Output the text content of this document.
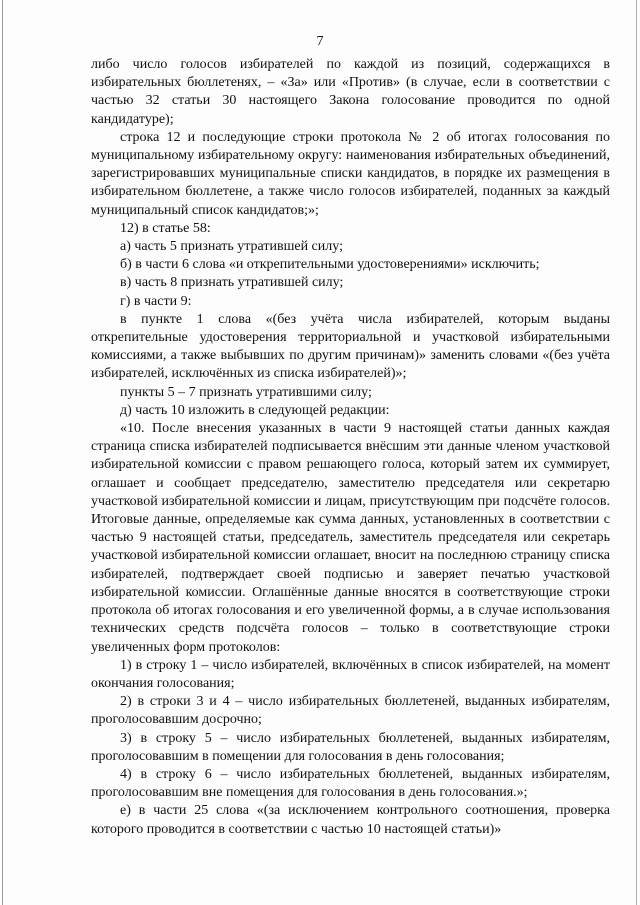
7

либо число голосов избирателей по каждой из позиций, содержащихся в избирательных бюллетенях, – «За» или «Против» (в случае, если в соответствии с частью 32 статьи 30 настоящего Закона голосование проводится по одной кандидатуре);

строка 12 и последующие строки протокола № 2 об итогах голосования по муниципальному избирательному округу: наименования избирательных объединений, зарегистрировавших муниципальные списки кандидатов, в порядке их размещения в избирательном бюллетене, а также число голосов избирателей, поданных за каждый муниципальный список кандидатов;»;

12) в статье 58:

а) часть 5 признать утратившей силу;

б) в части 6 слова «и открепительными удостоверениями» исключить;

в) часть 8 признать утратившей силу;

г) в части 9:

в пункте 1 слова «(без учёта числа избирателей, которым выданы открепительные удостоверения территориальной и участковой избирательными комиссиями, а также выбывших по другим причинам)» заменить словами «(без учёта избирателей, исключённых из списка избирателей)»;

пункты 5 – 7 признать утратившими силу;

д) часть 10 изложить в следующей редакции:

«10. После внесения указанных в части 9 настоящей статьи данных каждая страница списка избирателей подписывается внёсшим эти данные членом участковой избирательной комиссии с правом решающего голоса, который затем их суммирует, оглашает и сообщает председателю, заместителю председателя или секретарю участковой избирательной комиссии и лицам, присутствующим при подсчёте голосов. Итоговые данные, определяемые как сумма данных, установленных в соответствии с частью 9 настоящей статьи, председатель, заместитель председателя или секретарь участковой избирательной комиссии оглашает, вносит на последнюю страницу списка избирателей, подтверждает своей подписью и заверяет печатью участковой избирательной комиссии. Оглашённые данные вносятся в соответствующие строки протокола об итогах голосования и его увеличенной формы, а в случае использования технических средств подсчёта голосов – только в соответствующие строки увеличенных форм протоколов:

1) в строку 1 – число избирателей, включённых в список избирателей, на момент окончания голосования;

2) в строки 3 и 4 – число избирательных бюллетеней, выданных избирателям, проголосовавшим досрочно;

3) в строку 5 – число избирательных бюллетеней, выданных избирателям, проголосовавшим в помещении для голосования в день голосования;

4) в строку 6 – число избирательных бюллетеней, выданных избирателям, проголосовавшим вне помещения для голосования в день голосования.»;

е) в части 25 слова «(за исключением контрольного соотношения, проверка которого проводится в соответствии с частью 10 настоящей статьи)»
